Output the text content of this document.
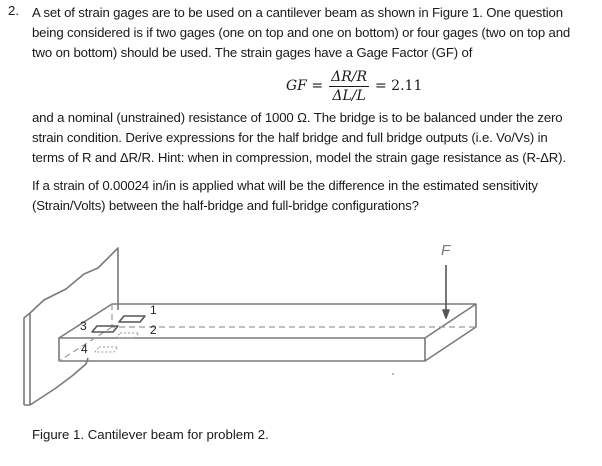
2. A set of strain gages are to be used on a cantilever beam as shown in Figure 1. One question
being considered is if two gages (one on top and one on bottom) or four gages (two on top and
two on bottom) should be used. The strain gages have a Gage Factor (GF) of
GF = $\frac{\Delta R/R}{\Delta L/L} = 2.11$
and a nominal (unstrained) resistance of 1000 Ω. The bridge is to be balanced under the zero
strain condition. Derive expressions for the half bridge and full bridge outputs (i.e. Vo/Vs) in
terms of R and ΔR/R. Hint: when in compression, model the strain gage resistance as (R-ΔR).
If a strain of 0.00024 in/in is applied what will be the difference in the estimated sensitivity
(Strain/Volts) between the half-bridge and full-bridge configurations?
F
1
2
3
4
Figure 1. Cantilever beam for problem 2.
